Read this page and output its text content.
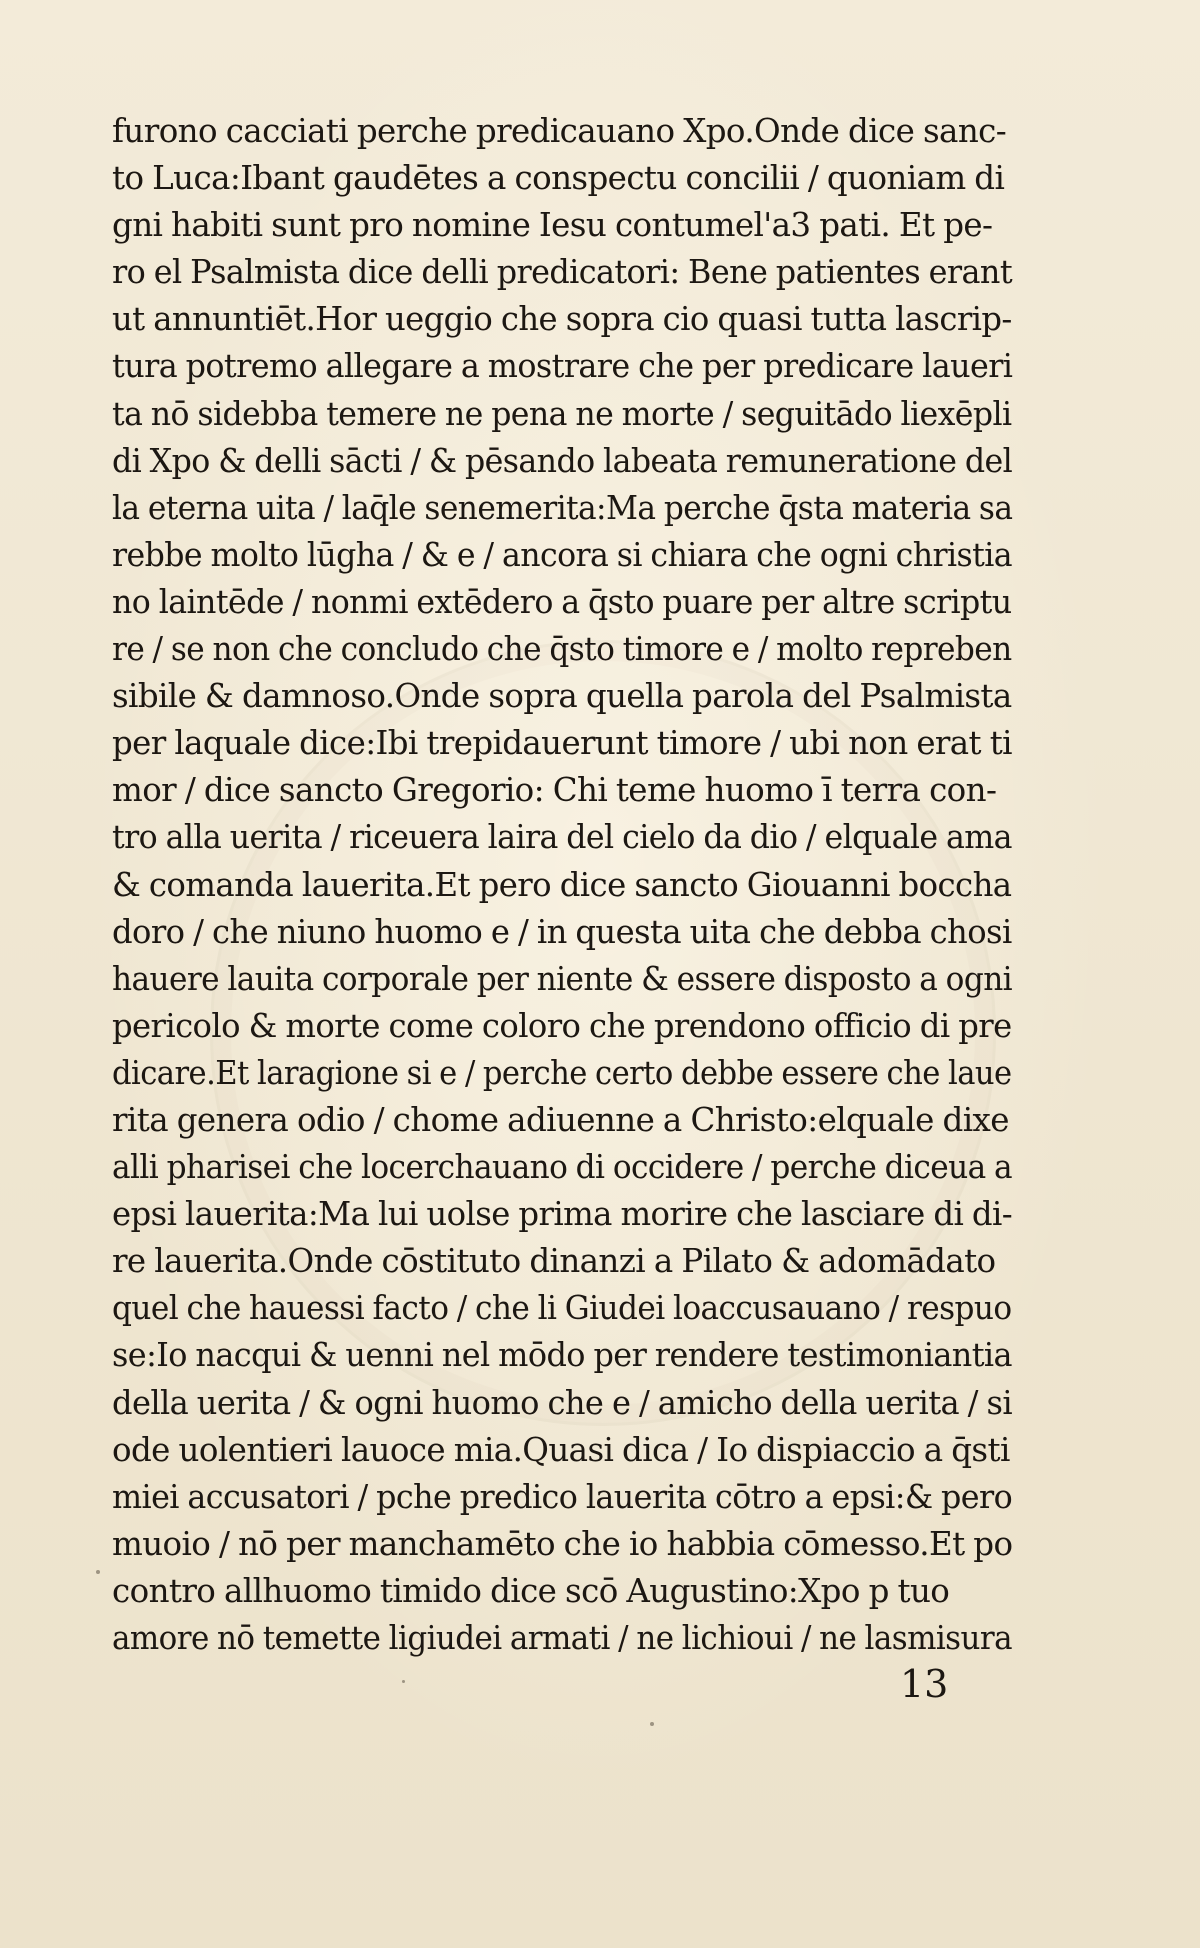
furono cacciati perche predicauano Xpo.Onde dice sanc-
to Luca:Ibant gaudētes a conspectu concilii / quoniam di
gni habiti sunt pro nomine Iesu contumel'a3 pati. Et pe-
ro el Psalmista dice delli predicatori: Bene patientes erant
ut annuntiēt.Hor ueggio che sopra cio quasi tutta lascrip-
tura potremo allegare a mostrare che per predicare laueri
ta nō sidebba temere ne pena ne morte / seguitādo liexēpli
di Xpo & delli sācti / & pēsando labeata remuneratione del
la eterna uita / laq̄le senemerita:Ma perche q̄sta materia sa
rebbe molto lūgha / & e / ancora si chiara che ogni christia
no laintēde / nonmi extēdero a q̄sto puare per altre scriptu
re / se non che concludo che q̄sto timore e / molto repreben
sibile & damnoso.Onde sopra quella parola del Psalmista
per laquale dice:Ibi trepidauerunt timore / ubi non erat ti
mor / dice sancto Gregorio: Chi teme huomo ī terra con-
tro alla uerita / riceuera laira del cielo da dio / elquale ama
& comanda lauerita.Et pero dice sancto Giouanni boccha
doro / che niuno huomo e / in questa uita che debba chosi
hauere lauita corporale per niente & essere disposto a ogni
pericolo & morte come coloro che prendono officio di pre
dicare.Et laragione si e / perche certo debbe essere che laue
rita genera odio / chome adiuenne a Christo:elquale dixe
alli pharisei che locerchauano di occidere / perche diceua a
epsi lauerita:Ma lui uolse prima morire che lasciare di di-
re lauerita.Onde cōstituto dinanzi a Pilato & adomādato
quel che hauessi facto / che li Giudei loaccusauano / respuo
se:Io nacqui & uenni nel mōdo per rendere testimoniantia
della uerita / & ogni huomo che e / amicho della uerita / si
ode uolentieri lauoce mia.Quasi dica / Io dispiaccio a q̄sti
miei accusatori / pche predico lauerita cōtro a epsi:& pero
muoio / nō per manchamēto che io habbia cōmesso.Et po
contro allhuomo timido dice scō Augustino:Xpo p tuo
amore nō temette ligiudei armati / ne lichioui / ne lasmisura
13
